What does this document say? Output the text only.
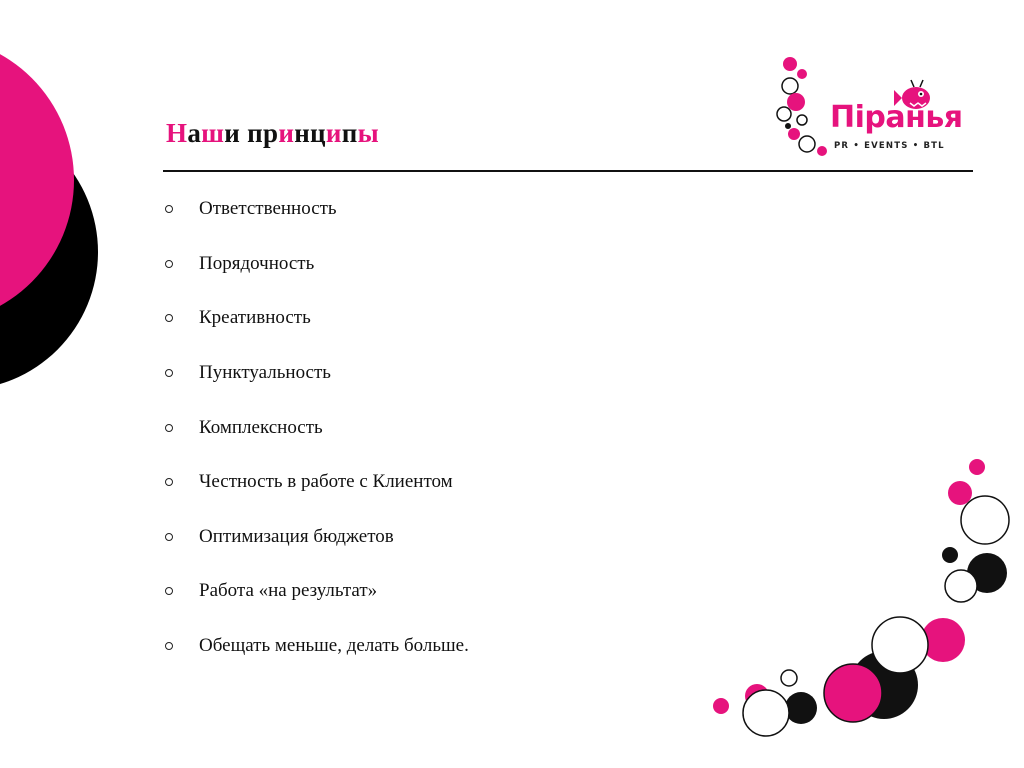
Наши принципы
Ответственность
Порядочность
Креативность
Пунктуальность
Комплексность
Честность в работе с Клиентом
Оптимизация бюджетов
Работа «на результат»
Обещать меньше, делать больше.
Піранья
PR • EVENTS • BTL
